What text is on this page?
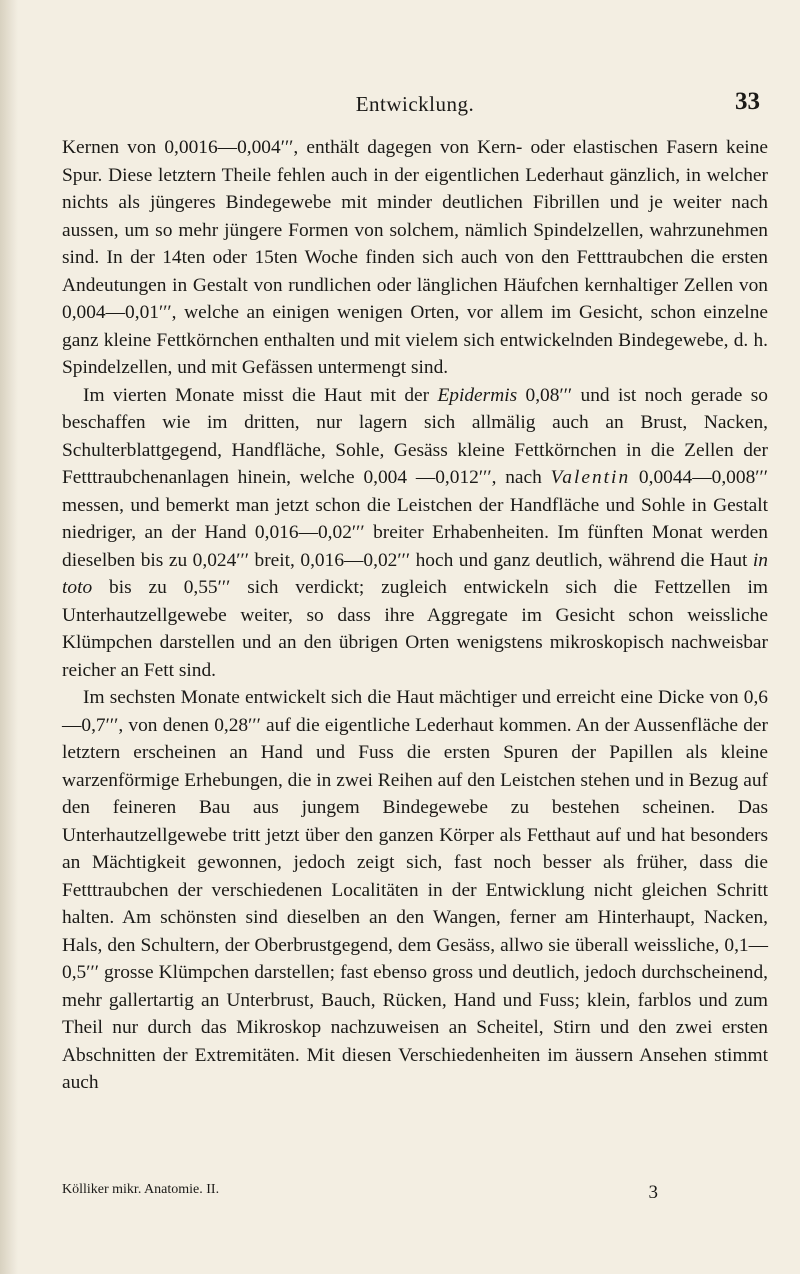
Entwicklung.	33

Kernen von 0,0016—0,004′′′, enthält dagegen von Kern- oder elastischen Fasern keine Spur. Diese letztern Theile fehlen auch in der eigentlichen Lederhaut gänzlich, in welcher nichts als jüngeres Bindegewebe mit minder deutlichen Fibrillen und je weiter nach aussen, um so mehr jüngere Formen von solchem, nämlich Spindelzellen, wahrzunehmen sind. In der 14ten oder 15ten Woche finden sich auch von den Fetttraubchen die ersten Andeutungen in Gestalt von rundlichen oder länglichen Häufchen kernhaltiger Zellen von 0,004—0,01′′′, welche an einigen wenigen Orten, vor allem im Gesicht, schon einzelne ganz kleine Fettkörnchen enthalten und mit vielem sich entwickelnden Bindegewebe, d. h. Spindelzellen, und mit Gefässen untermengt sind.

Im vierten Monate misst die Haut mit der Epidermis 0,08′′′ und ist noch gerade so beschaffen wie im dritten, nur lagern sich allmälig auch an Brust, Nacken, Schulterblattgegend, Handfläche, Sohle, Gesäss kleine Fettkörnchen in die Zellen der Fetttraubchenanlagen hinein, welche 0,004 —0,012′′′, nach Valentin 0,0044—0,008′′′ messen, und bemerkt man jetzt schon die Leistchen der Handfläche und Sohle in Gestalt niedriger, an der Hand 0,016—0,02′′′ breiter Erhabenheiten. Im fünften Monat werden dieselben bis zu 0,024′′′ breit, 0,016—0,02′′′ hoch und ganz deutlich, während die Haut in toto bis zu 0,55′′′ sich verdickt; zugleich entwickeln sich die Fettzellen im Unterhautzellgewebe weiter, so dass ihre Aggregate im Gesicht schon weissliche Klümpchen darstellen und an den übrigen Orten wenigstens mikroskopisch nachweisbar reicher an Fett sind.

Im sechsten Monate entwickelt sich die Haut mächtiger und erreicht eine Dicke von 0,6—0,7′′′, von denen 0,28′′′ auf die eigentliche Lederhaut kommen. An der Aussenfläche der letztern erscheinen an Hand und Fuss die ersten Spuren der Papillen als kleine warzenförmige Erhebungen, die in zwei Reihen auf den Leistchen stehen und in Bezug auf den feineren Bau aus jungem Bindegewebe zu bestehen scheinen. Das Unterhautzellgewebe tritt jetzt über den ganzen Körper als Fetthaut auf und hat besonders an Mächtigkeit gewonnen, jedoch zeigt sich, fast noch besser als früher, dass die Fetttraubchen der verschiedenen Localitäten in der Entwicklung nicht gleichen Schritt halten. Am schönsten sind dieselben an den Wangen, ferner am Hinterhaupt, Nacken, Hals, den Schultern, der Oberbrustgegend, dem Gesäss, allwo sie überall weissliche, 0,1—0,5′′′ grosse Klümpchen darstellen; fast ebenso gross und deutlich, jedoch durchscheinend, mehr gallertartig an Unterbrust, Bauch, Rücken, Hand und Fuss; klein, farblos und zum Theil nur durch das Mikroskop nachzuweisen an Scheitel, Stirn und den zwei ersten Abschnitten der Extremitäten. Mit diesen Verschiedenheiten im äussern Ansehen stimmt auch

Kölliker mikr. Anatomie. II.	3
